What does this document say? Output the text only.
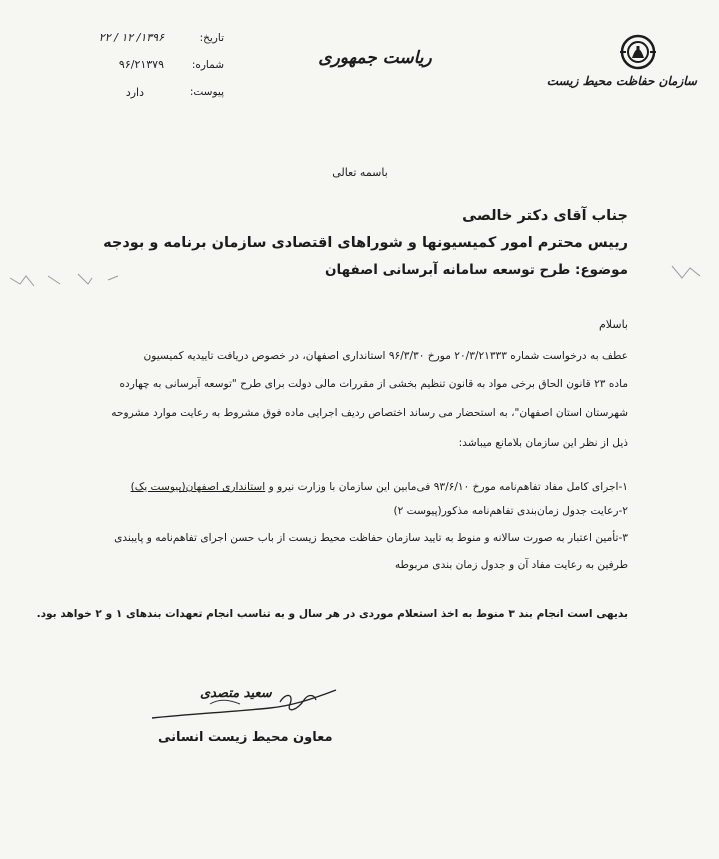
سازمان حفاظت محیط زیست
ریاست جمهوری
تاریخ:
۱۳۹۶/ ۱۲ / ۲۲
شماره:
۹۶/۲۱۳۷۹
پیوست:
دارد
باسمه تعالی
جناب آقای دکتر خالصی
رییس محترم امور کمیسیونها و شوراهای اقتصادی سازمان برنامه و بودجه
موضوع: طرح توسعه سامانه آبرسانی اصفهان
باسلام
عطف به درخواست شماره ۲۰/۳/۲۱۳۳۳ مورخ ۹۶/۳/۳۰ استانداری اصفهان، در خصوص دریافت تاییدیه کمیسیون
ماده ۲۳ قانون الحاق برخی مواد به قانون تنظیم بخشی از مقررات مالی دولت برای طرح "توسعه آبرسانی به چهارده
شهرستان استان اصفهان"، به استحضار می رساند اختصاص ردیف اجرایی ماده فوق مشروط به رعایت موارد مشروحه
ذیل از نظر این سازمان بلامانع میباشد:
۱-اجرای کامل مفاد تفاهم‌نامه مورخ ۹۳/۶/۱۰ فی‌مابین این سازمان با وزارت نیرو و استانداری اصفهان(پیوست یک)
۲-رعایت جدول زمان‌بندی تفاهم‌نامه مذکور(پیوست ۲)
۳-تأمین اعتبار به صورت سالانه و منوط به تایید سازمان حفاظت محیط زیست از باب حسن اجرای تفاهم‌نامه و پایبندی
طرفین به رعایت مفاد آن و جدول زمان بندی مربوطه
بدیهی است انجام بند ۳ منوط به اخذ استعلام موردی در هر سال و به تناسب انجام تعهدات بندهای ۱ و ۲ خواهد بود.
سعید متصدی
معاون محیط زیست انسانی
